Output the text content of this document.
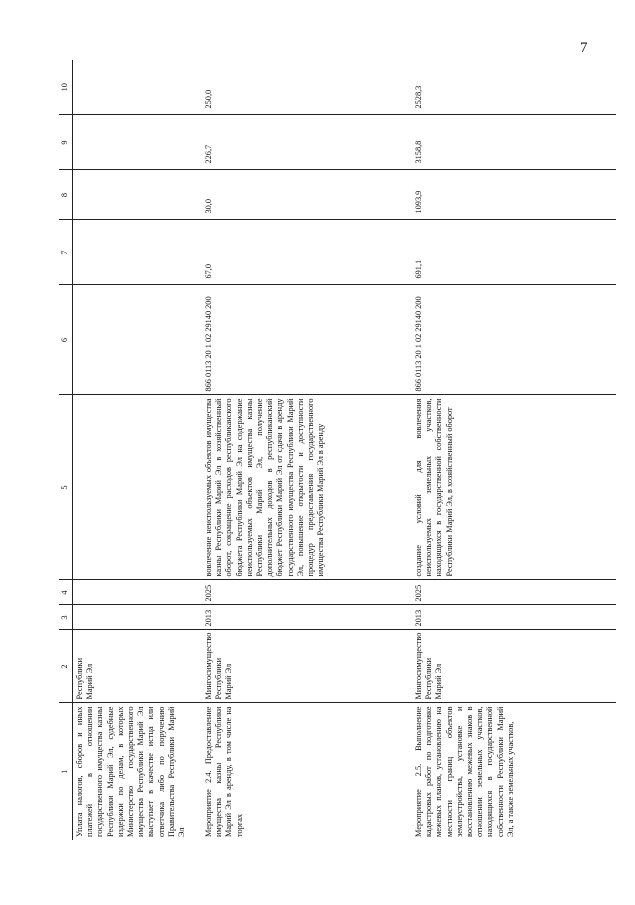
7
1	2	3	4	5	6	7	8	9	10
Уплата налогов, сборов и иных платежей в отношении государственного имущества казны Республики Марий Эл, судебные издержки по делам, в которых Министерство государственного имущества Республики Марий Эл выступает в качестве истца или ответчика либо по поручению Правительства Республики Марий Эл	Республики Марий Эл								
Мероприятие 2.4. Предоставление имущества казны Республики Марий Эл в аренду, в том числе на торгах	Мингосимущество Республики Марий Эл	2013	2025	вовлечение неиспользуемых объектов имущества казны Республики Марий Эл в хозяйственный оборот, сокращение расходов республиканского бюджета Республики Марий Эл на содержание неиспользуемых объектов имущества казны Республики Марий Эл, получение дополнительных доходов в республиканский бюджет Республики Марий Эл от сдачи в аренду государственного имущества Республики Марий Эл, повышение открытости и доступности процедур предоставления государственного имущества Республики Марий Эл в аренду	866 0113 20 1 02 29140 200	67,0	30,0	226,7	250,0
Мероприятие 2.5. Выполнение кадастровых работ по подготовке межевых планов, установлению на местности границ объектов землеустройства, установке и восстановлению межевых знаков в отношении земельных участков, находящихся в государственной собственности Республики Марий Эл, а также земельных участков,	Мингосимущество Республики Марий Эл	2013	2025	создание условий для вовлечения неиспользуемых земельных участков, находящихся в государственной собственности Республики Марий Эл, в хозяйственный оборот	866 0113 20 1 02 29140 200	691,1	1093,9	3158,8	2528,3
